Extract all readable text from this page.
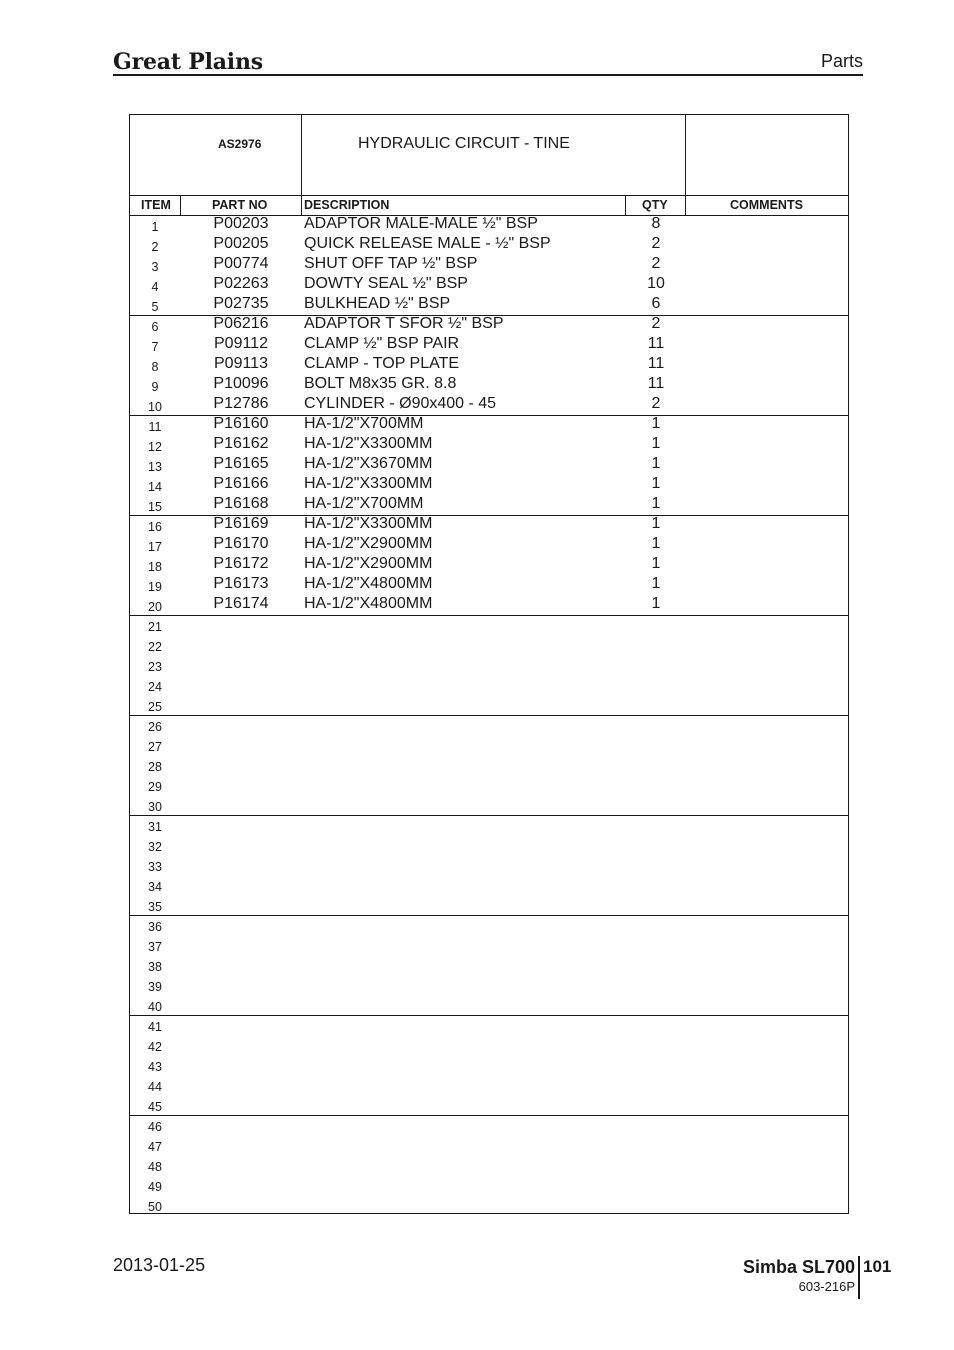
Great Plains	Parts
AS2976	HYDRAULIC CIRCUIT - TINE
ITEM	PART NO	DESCRIPTION	QTY	COMMENTS
1	P00203	ADAPTOR MALE-MALE ½" BSP	8
2	P00205	QUICK RELEASE MALE - ½" BSP	2
3	P00774	SHUT OFF TAP ½" BSP	2
4	P02263	DOWTY SEAL ½" BSP	10
5	P02735	BULKHEAD ½" BSP	6
6	P06216	ADAPTOR T SFOR ½" BSP	2
7	P09112	CLAMP ½" BSP PAIR	11
8	P09113	CLAMP - TOP PLATE	11
9	P10096	BOLT M8x35 GR. 8.8	11
10	P12786	CYLINDER - Ø90x400 - 45	2
11	P16160	HA-1/2"X700MM	1
12	P16162	HA-1/2"X3300MM	1
13	P16165	HA-1/2"X3670MM	1
14	P16166	HA-1/2"X3300MM	1
15	P16168	HA-1/2"X700MM	1
16	P16169	HA-1/2"X3300MM	1
17	P16170	HA-1/2"X2900MM	1
18	P16172	HA-1/2"X2900MM	1
19	P16173	HA-1/2"X4800MM	1
20	P16174	HA-1/2"X4800MM	1
21
22
23
24
25
26
27
28
29
30
31
32
33
34
35
36
37
38
39
40
41
42
43
44
45
46
47
48
49
50
2013-01-25	Simba SL700
603-216P
101
